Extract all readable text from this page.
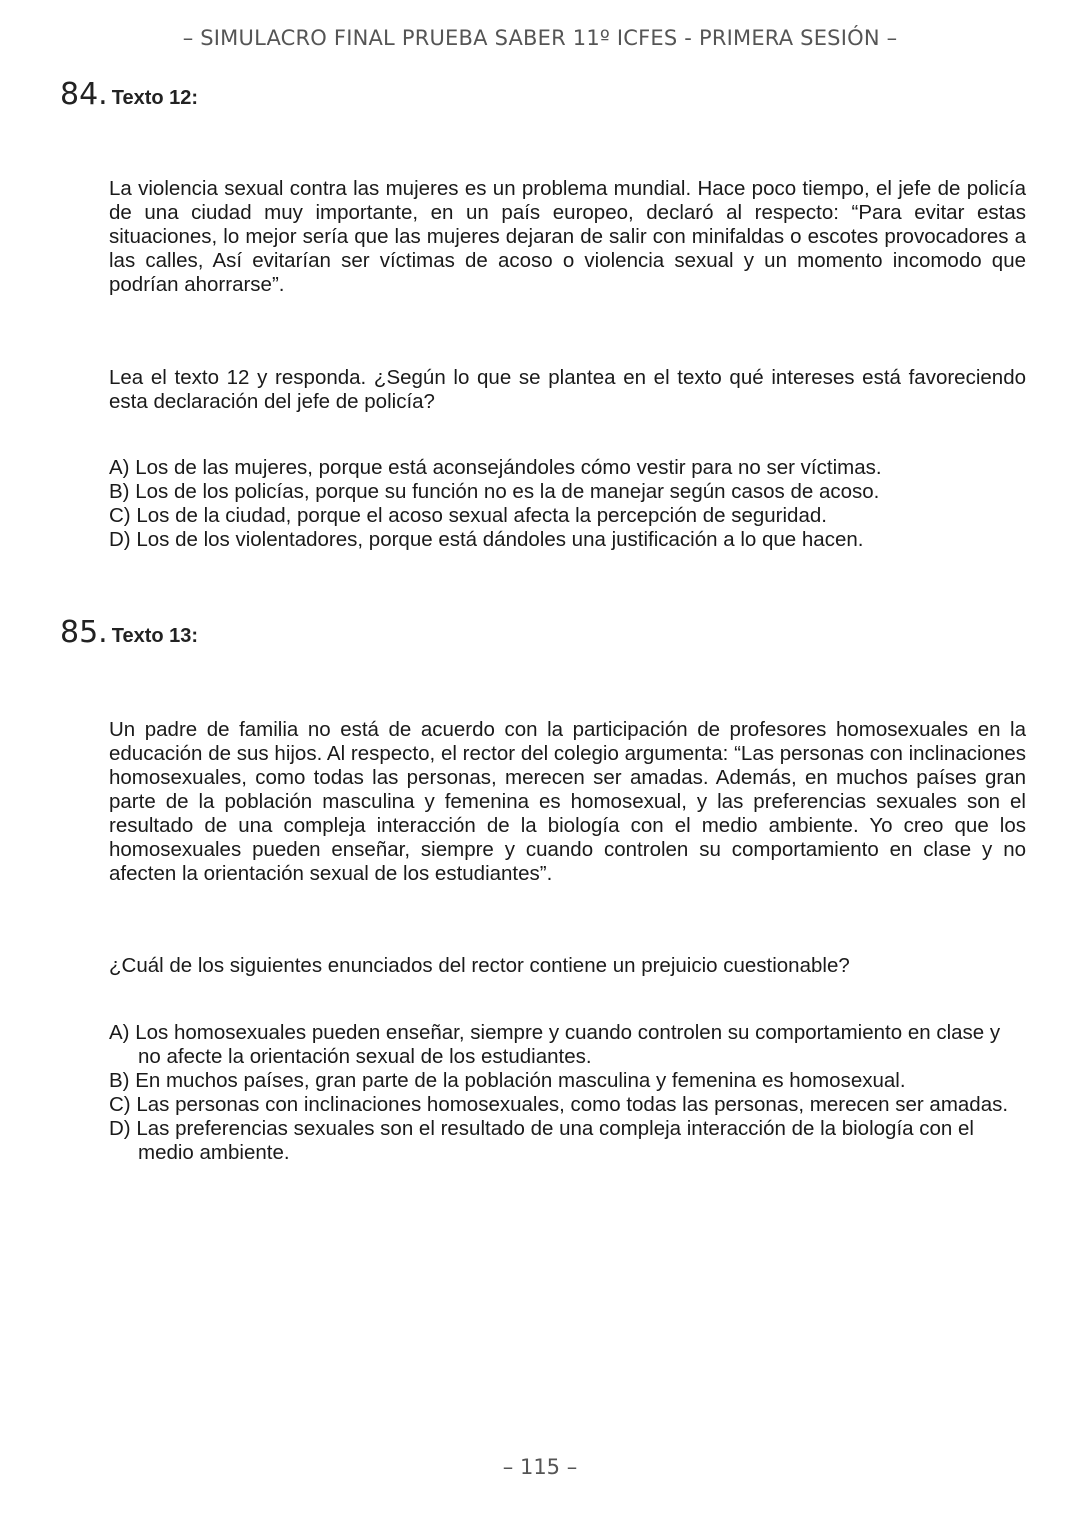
– SIMULACRO FINAL PRUEBA SABER 11º ICFES - PRIMERA SESIÓN –
84. Texto 12:
La violencia sexual contra las mujeres es un problema mundial. Hace poco tiempo, el jefe de policía de una ciudad muy importante, en un país europeo, declaró al respecto: “Para evitar estas situaciones, lo mejor sería que las mujeres dejaran de salir con minifaldas o escotes provocadores a las calles, Así evitarían ser víctimas de acoso o violencia sexual y un momento incomodo que podrían ahorrarse”.
Lea el texto 12 y responda. ¿Según lo que se plantea en el texto qué intereses está favoreciendo esta declaración del jefe de policía?
A) Los de las mujeres, porque está aconsejándoles cómo vestir para no ser víctimas.
B) Los de los policías, porque su función no es la de manejar según casos de acoso.
C) Los de la ciudad, porque el acoso sexual afecta la percepción de seguridad.
D) Los de los violentadores, porque está dándoles una justificación a lo que hacen.
85. Texto 13:
Un padre de familia no está de acuerdo con la participación de profesores homosexuales en la educación de sus hijos. Al respecto, el rector del colegio argumenta: “Las personas con inclinaciones homosexuales, como todas las personas, merecen ser amadas. Además, en muchos países gran parte de la población masculina y femenina es homosexual, y las preferencias sexuales son el resultado de una compleja interacción de la biología con el medio ambiente. Yo creo que los homosexuales pueden enseñar, siempre y cuando controlen su comportamiento en clase y no afecten la orientación sexual de los estudiantes”.
¿Cuál de los siguientes enunciados del rector contiene un prejuicio cuestionable?
A) Los homosexuales pueden enseñar, siempre y cuando controlen su comportamiento en clase y no afecte la orientación sexual de los estudiantes.
B) En muchos países, gran parte de la población masculina y femenina es homosexual.
C) Las personas con inclinaciones homosexuales, como todas las personas, merecen ser amadas.
D) Las preferencias sexuales son el resultado de una compleja interacción de la biología con el medio ambiente.
– 115 –
